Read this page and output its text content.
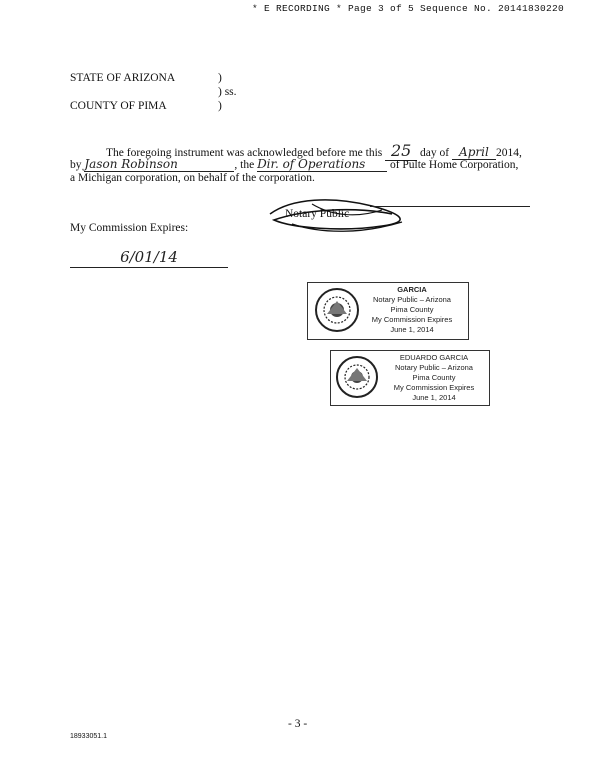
* E RECORDING * Page 3 of 5 Sequence No. 20141830220
STATE OF ARIZONA	)
) ss.
COUNTY OF PIMA	)
The foregoing instrument was acknowledged before me this 25 day of April 2014,
by Jason Robinson	, the Dir. of Operations of Pulte Home Corporation,
a Michigan corporation, on behalf of the corporation.
Notary Public
My Commission Expires:
6/01/14
GARCIA
Notary Public – Arizona
Pima County
My Commission Expires
June 1, 2014
EDUARDO GARCIA
Notary Public – Arizona
Pima County
My Commission Expires
June 1, 2014
- 3 -
18933051.1
